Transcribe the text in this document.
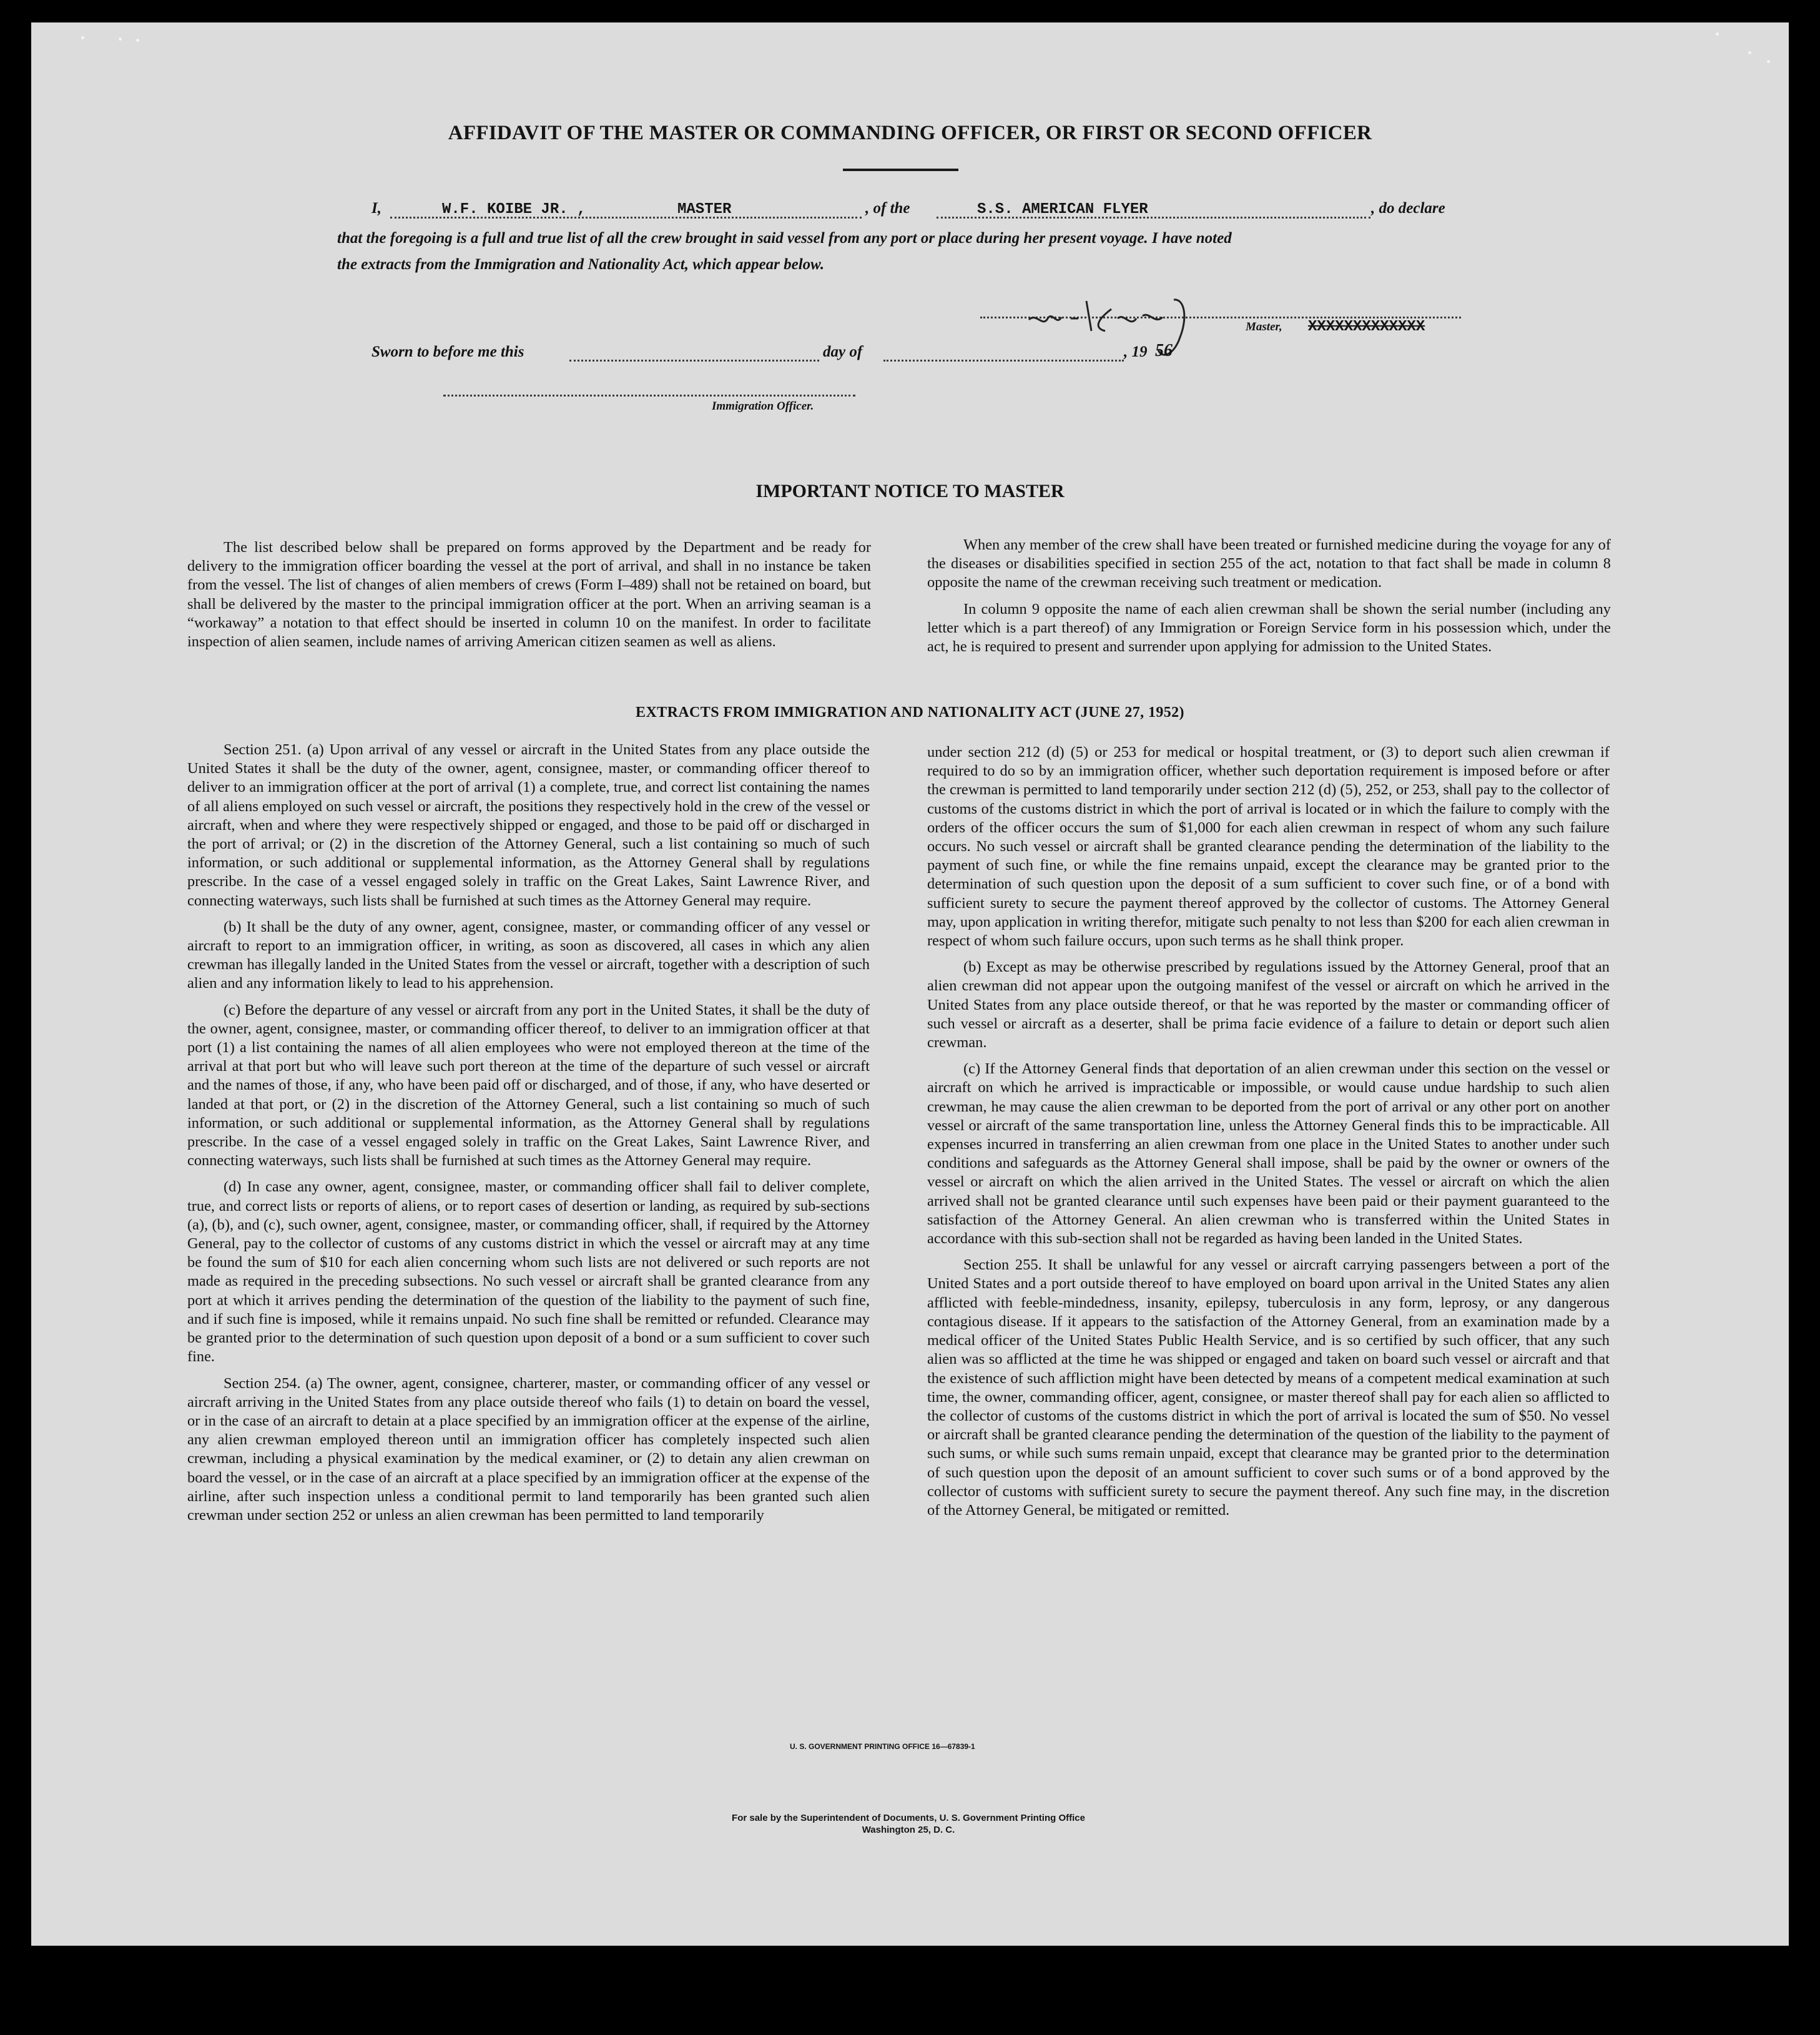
AFFIDAVIT OF THE MASTER OR COMMANDING OFFICER, OR FIRST OR SECOND OFFICER
I,	W.F. KOIBE JR. ,	MASTER	, of the	S.S. AMERICAN FLYER	, do declare
that the foregoing is a full and true list of all the crew brought in said vessel from any port or place during her present voyage. I have noted
the extracts from the Immigration and Nationality Act, which appear below.
Master, XXXXXXXXXXXXX
Sworn to before me this	day of	, 19 56
Immigration Officer.
IMPORTANT NOTICE TO MASTER

The list described below shall be prepared on forms approved by the Department and be ready for delivery to the immigration officer boarding the vessel at the port of arrival, and shall in no instance be taken from the vessel. The list of changes of alien members of crews (Form I–489) shall not be retained on board, but shall be delivered by the master to the principal immigration officer at the port. When an arriving seaman is a “workaway” a notation to that effect should be inserted in column 10 on the manifest. In order to facilitate inspection of alien seamen, include names of arriving American citizen seamen as well as aliens.

When any member of the crew shall have been treated or furnished medicine during the voyage for any of the diseases or disabilities specified in section 255 of the act, notation to that fact shall be made in column 8 opposite the name of the crewman receiving such treatment or medication.

In column 9 opposite the name of each alien crewman shall be shown the serial number (including any letter which is a part thereof) of any Immigration or Foreign Service form in his possession which, under the act, he is required to present and surrender upon applying for admission to the United States.

EXTRACTS FROM IMMIGRATION AND NATIONALITY ACT (JUNE 27, 1952)

Section 251. (a) Upon arrival of any vessel or aircraft in the United States from any place outside the United States it shall be the duty of the owner, agent, consignee, master, or commanding officer thereof to deliver to an immigration officer at the port of arrival (1) a complete, true, and correct list containing the names of all aliens employed on such vessel or aircraft, the positions they respectively hold in the crew of the vessel or aircraft, when and where they were respectively shipped or engaged, and those to be paid off or discharged in the port of arrival; or (2) in the discretion of the Attorney General, such a list containing so much of such information, or such additional or supplemental information, as the Attorney General shall by regulations prescribe. In the case of a vessel engaged solely in traffic on the Great Lakes, Saint Lawrence River, and connecting waterways, such lists shall be furnished at such times as the Attorney General may require.

(b) It shall be the duty of any owner, agent, consignee, master, or commanding officer of any vessel or aircraft to report to an immigration officer, in writing, as soon as discovered, all cases in which any alien crewman has illegally landed in the United States from the vessel or aircraft, together with a description of such alien and any information likely to lead to his apprehension.

(c) Before the departure of any vessel or aircraft from any port in the United States, it shall be the duty of the owner, agent, consignee, master, or commanding officer thereof, to deliver to an immigration officer at that port (1) a list containing the names of all alien employees who were not employed thereon at the time of the arrival at that port but who will leave such port thereon at the time of the departure of such vessel or aircraft and the names of those, if any, who have been paid off or discharged, and of those, if any, who have deserted or landed at that port, or (2) in the discretion of the Attorney General, such a list containing so much of such information, or such additional or supplemental information, as the Attorney General shall by regulations prescribe. In the case of a vessel engaged solely in traffic on the Great Lakes, Saint Lawrence River, and connecting waterways, such lists shall be furnished at such times as the Attorney General may require.

(d) In case any owner, agent, consignee, master, or commanding officer shall fail to deliver complete, true, and correct lists or reports of aliens, or to report cases of desertion or landing, as required by sub-sections (a), (b), and (c), such owner, agent, consignee, master, or commanding officer, shall, if required by the Attorney General, pay to the collector of customs of any customs district in which the vessel or aircraft may at any time be found the sum of $10 for each alien concerning whom such lists are not delivered or such reports are not made as required in the preceding subsections. No such vessel or aircraft shall be granted clearance from any port at which it arrives pending the determination of the question of the liability to the payment of such fine, and if such fine is imposed, while it remains unpaid. No such fine shall be remitted or refunded. Clearance may be granted prior to the determination of such question upon deposit of a bond or a sum sufficient to cover such fine.

Section 254. (a) The owner, agent, consignee, charterer, master, or commanding officer of any vessel or aircraft arriving in the United States from any place outside thereof who fails (1) to detain on board the vessel, or in the case of an aircraft to detain at a place specified by an immigration officer at the expense of the airline, any alien crewman employed thereon until an immigration officer has completely inspected such alien crewman, including a physical examination by the medical examiner, or (2) to detain any alien crewman on board the vessel, or in the case of an aircraft at a place specified by an immigration officer at the expense of the airline, after such inspection unless a conditional permit to land temporarily has been granted such alien crewman under section 252 or unless an alien crewman has been permitted to land temporarily

under section 212 (d) (5) or 253 for medical or hospital treatment, or (3) to deport such alien crewman if required to do so by an immigration officer, whether such deportation requirement is imposed before or after the crewman is permitted to land temporarily under section 212 (d) (5), 252, or 253, shall pay to the collector of customs of the customs district in which the port of arrival is located or in which the failure to comply with the orders of the officer occurs the sum of $1,000 for each alien crewman in respect of whom any such failure occurs. No such vessel or aircraft shall be granted clearance pending the determination of the liability to the payment of such fine, or while the fine remains unpaid, except the clearance may be granted prior to the determination of such question upon the deposit of a sum sufficient to cover such fine, or of a bond with sufficient surety to secure the payment thereof approved by the collector of customs. The Attorney General may, upon application in writing therefor, mitigate such penalty to not less than $200 for each alien crewman in respect of whom such failure occurs, upon such terms as he shall think proper.

(b) Except as may be otherwise prescribed by regulations issued by the Attorney General, proof that an alien crewman did not appear upon the outgoing manifest of the vessel or aircraft on which he arrived in the United States from any place outside thereof, or that he was reported by the master or commanding officer of such vessel or aircraft as a deserter, shall be prima facie evidence of a failure to detain or deport such alien crewman.

(c) If the Attorney General finds that deportation of an alien crewman under this section on the vessel or aircraft on which he arrived is impracticable or impossible, or would cause undue hardship to such alien crewman, he may cause the alien crewman to be deported from the port of arrival or any other port on another vessel or aircraft of the same transportation line, unless the Attorney General finds this to be impracticable. All expenses incurred in transferring an alien crewman from one place in the United States to another under such conditions and safeguards as the Attorney General shall impose, shall be paid by the owner or owners of the vessel or aircraft on which the alien arrived in the United States. The vessel or aircraft on which the alien arrived shall not be granted clearance until such expenses have been paid or their payment guaranteed to the satisfaction of the Attorney General. An alien crewman who is transferred within the United States in accordance with this sub-section shall not be regarded as having been landed in the United States.

Section 255. It shall be unlawful for any vessel or aircraft carrying passengers between a port of the United States and a port outside thereof to have employed on board upon arrival in the United States any alien afflicted with feeble-mindedness, insanity, epilepsy, tuberculosis in any form, leprosy, or any dangerous contagious disease. If it appears to the satisfaction of the Attorney General, from an examination made by a medical officer of the United States Public Health Service, and is so certified by such officer, that any such alien was so afflicted at the time he was shipped or engaged and taken on board such vessel or aircraft and that the existence of such affliction might have been detected by means of a competent medical examination at such time, the owner, commanding officer, agent, consignee, or master thereof shall pay for each alien so afflicted to the collector of customs of the customs district in which the port of arrival is located the sum of $50. No vessel or aircraft shall be granted clearance pending the determination of the question of the liability to the payment of such sums, or while such sums remain unpaid, except that clearance may be granted prior to the determination of such question upon the deposit of an amount sufficient to cover such sums or of a bond approved by the collector of customs with sufficient surety to secure the payment thereof. Any such fine may, in the discretion of the Attorney General, be mitigated or remitted.

U. S. GOVERNMENT PRINTING OFFICE 16—67839-1
For sale by the Superintendent of Documents, U. S. Government Printing Office
Washington 25, D. C.
